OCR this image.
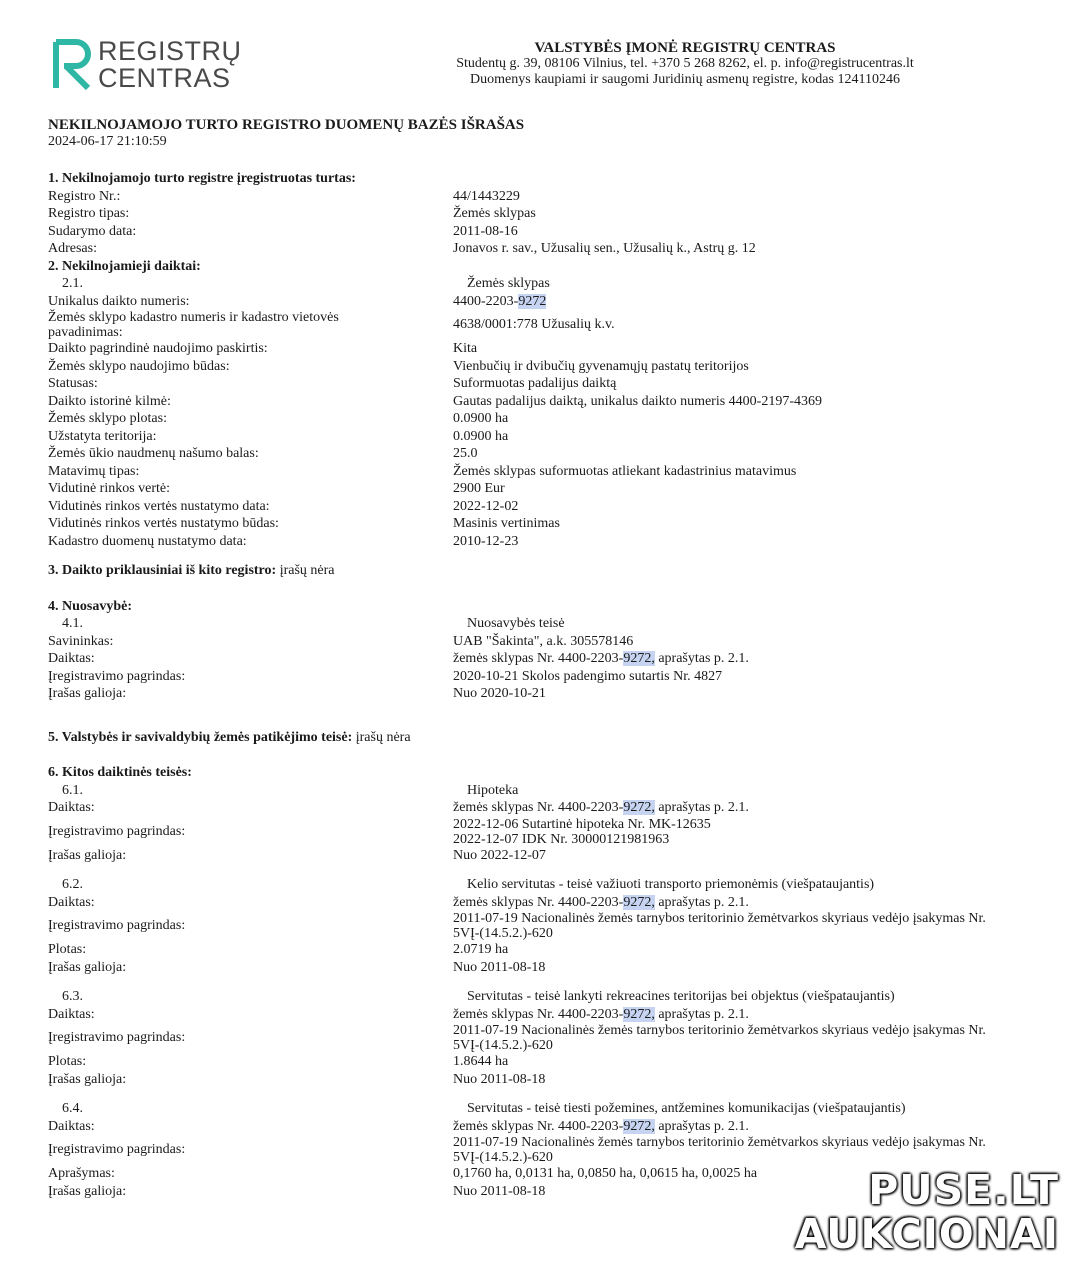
REGISTRŲ
CENTRAS
VALSTYBĖS ĮMONĖ REGISTRŲ CENTRAS
Studentų g. 39, 08106 Vilnius, tel. +370 5 268 8262, el. p. info@registrucentras.lt
Duomenys kaupiami ir saugomi Juridinių asmenų registre, kodas 124110246
NEKILNOJAMOJO TURTO REGISTRO DUOMENŲ BAZĖS IŠRAŠAS
2024-06-17 21:10:59
1. Nekilnojamojo turto registre įregistruotas turtas:
Registro Nr.:	44/1443229
Registro tipas:	Žemės sklypas
Sudarymo data:	2011-08-16
Adresas:	Jonavos r. sav., Užusalių sen., Užusalių k., Astrų g. 12
2. Nekilnojamieji daiktai:
2.1.	Žemės sklypas
Unikalus daikto numeris:	4400-2203-9272
Žemės sklypo kadastro numeris ir kadastro vietovės pavadinimas:
4638/0001:778 Užusalių k.v.
Daikto pagrindinė naudojimo paskirtis:	Kita
Žemės sklypo naudojimo būdas:	Vienbučių ir dvibučių gyvenamųjų pastatų teritorijos
Statusas:	Suformuotas padalijus daiktą
Daikto istorinė kilmė:	Gautas padalijus daiktą, unikalus daikto numeris 4400-2197-4369
Žemės sklypo plotas:	0.0900 ha
Užstatyta teritorija:	0.0900 ha
Žemės ūkio naudmenų našumo balas:	25.0
Matavimų tipas:	Žemės sklypas suformuotas atliekant kadastrinius matavimus
Vidutinė rinkos vertė:	2900 Eur
Vidutinės rinkos vertės nustatymo data:	2022-12-02
Vidutinės rinkos vertės nustatymo būdas:	Masinis vertinimas
Kadastro duomenų nustatymo data:	2010-12-23
3. Daikto priklausiniai iš kito registro: įrašų nėra
4. Nuosavybė:
4.1.	Nuosavybės teisė
Savininkas:	UAB "Šakinta", a.k. 305578146
Daiktas:	žemės sklypas Nr. 4400-2203-9272, aprašytas p. 2.1.
Įregistravimo pagrindas:	2020-10-21 Skolos padengimo sutartis Nr. 4827
Įrašas galioja:	Nuo 2020-10-21
5. Valstybės ir savivaldybių žemės patikėjimo teisė: įrašų nėra
6. Kitos daiktinės teisės:
6.1.	Hipoteka
Daiktas:	žemės sklypas Nr. 4400-2203-9272, aprašytas p. 2.1.
Įregistravimo pagrindas:	2022-12-06 Sutartinė hipoteka Nr. MK-12635
2022-12-07 IDK Nr. 30000121981963
Įrašas galioja:	Nuo 2022-12-07
6.2.	Kelio servitutas - teisė važiuoti transporto priemonėmis (viešpataujantis)
Daiktas:	žemės sklypas Nr. 4400-2203-9272, aprašytas p. 2.1.
Įregistravimo pagrindas:	2011-07-19 Nacionalinės žemės tarnybos teritorinio žemėtvarkos skyriaus vedėjo įsakymas Nr.
5VĮ-(14.5.2.)-620
Plotas:	2.0719 ha
Įrašas galioja:	Nuo 2011-08-18
6.3.	Servitutas - teisė lankyti rekreacines teritorijas bei objektus (viešpataujantis)
Daiktas:	žemės sklypas Nr. 4400-2203-9272, aprašytas p. 2.1.
Įregistravimo pagrindas:	2011-07-19 Nacionalinės žemės tarnybos teritorinio žemėtvarkos skyriaus vedėjo įsakymas Nr.
5VĮ-(14.5.2.)-620
Plotas:	1.8644 ha
Įrašas galioja:	Nuo 2011-08-18
6.4.	Servitutas - teisė tiesti požemines, antžemines komunikacijas (viešpataujantis)
Daiktas:	žemės sklypas Nr. 4400-2203-9272, aprašytas p. 2.1.
Įregistravimo pagrindas:	2011-07-19 Nacionalinės žemės tarnybos teritorinio žemėtvarkos skyriaus vedėjo įsakymas Nr.
5VĮ-(14.5.2.)-620
Aprašymas:	0,1760 ha, 0,0131 ha, 0,0850 ha, 0,0615 ha, 0,0025 ha
Įrašas galioja:	Nuo 2011-08-18	PUSE.LT
AUKCIONAI
